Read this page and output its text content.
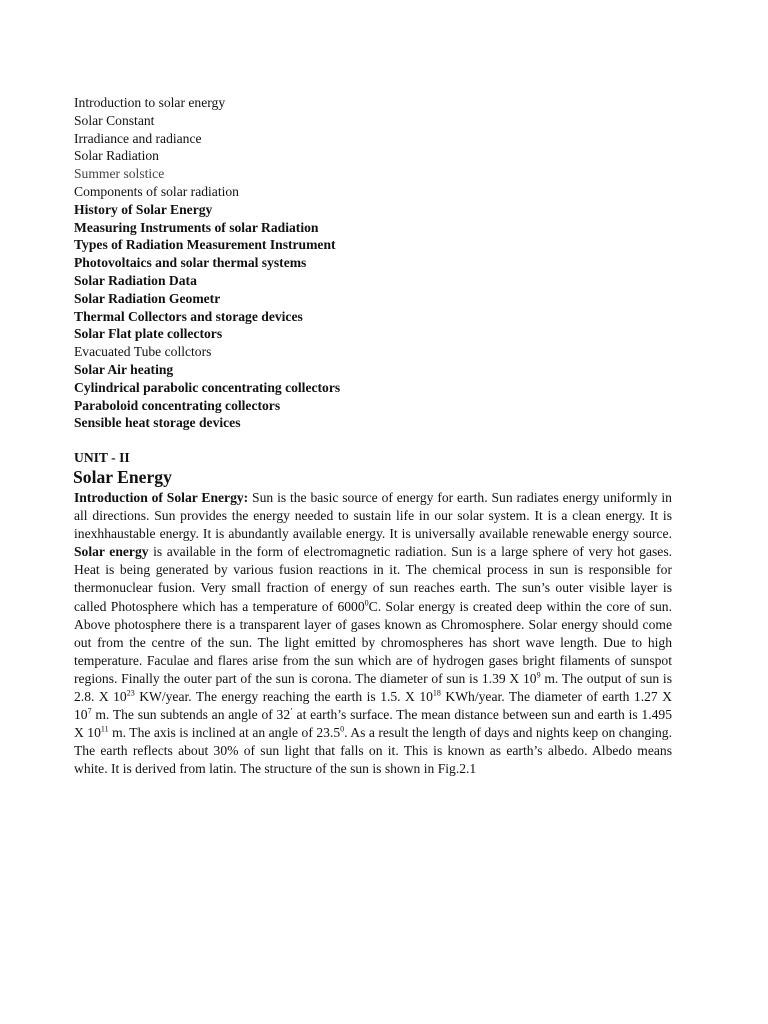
Introduction to solar energy
Solar Constant
Irradiance and radiance
Solar Radiation
Summer solstice
Components of solar radiation
History of Solar Energy
Measuring Instruments of solar Radiation
Types of Radiation Measurement Instrument
Photovoltaics and solar thermal systems
Solar Radiation Data
Solar Radiation Geometr
Thermal Collectors and storage devices
Solar Flat plate collectors
Evacuated Tube collctors
Solar Air heating
Cylindrical parabolic concentrating collectors
Paraboloid concentrating collectors
Sensible heat storage devices
UNIT - II
Solar Energy
Introduction of Solar Energy: Sun is the basic source of energy for earth. Sun radiates energy uniformly in all directions. Sun provides the energy needed to sustain life in our solar system. It is a clean energy. It is inexhhaustable energy. It is abundantly available energy. It is universally available renewable energy source. Solar energy is available in the form of electromagnetic radiation. Sun is a large sphere of very hot gases. Heat is being generated by various fusion reactions in it. The chemical process in sun is responsible for thermonuclear fusion. Very small fraction of energy of sun reaches earth. The sun’s outer visible layer is called Photosphere which has a temperature of 6000$^0$C. Solar energy is created deep within the core of sun. Above photosphere there is a transparent layer of gases known as Chromosphere. Solar energy should come out from the centre of the sun. The light emitted by chromospheres has short wave length. Due to high temperature. Faculae and flares arise from the sun which are of hydrogen gases bright filaments of sunspot regions. Finally the outer part of the sun is corona. The diameter of sun is 1.39 X $10^9$ m. The output of sun is 2.8. X $10^{23}$ KW/year. The energy reaching the earth is 1.5. X $10^{18}$ KWh/year. The diameter of earth 1.27 X $10^7$ m. The sun subtends an angle of 32’ at earth’s surface. The mean distance between sun and earth is 1.495 X $10^{11}$ m. The axis is inclined at an angle of 23.5$^0$. As a result the length of days and nights keep on changing. The earth reflects about 30% of sun light that falls on it. This is known as earth’s albedo. Albedo means white. It is derived from latin. The structure of the sun is shown in Fig.2.1
